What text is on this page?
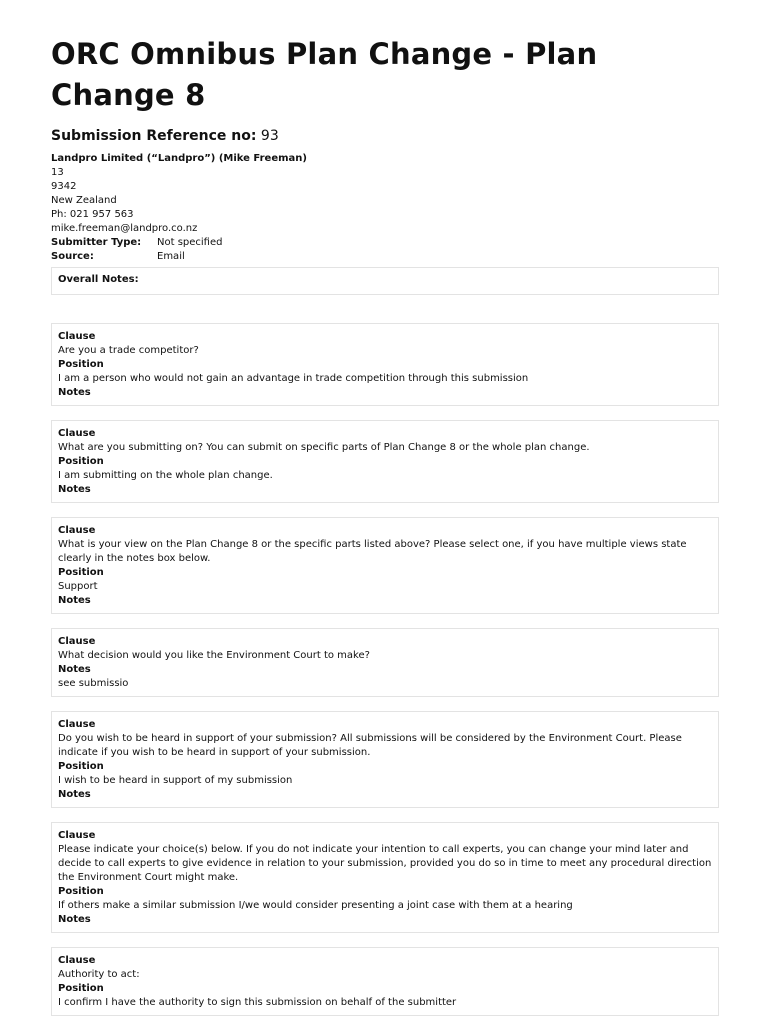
ORC Omnibus Plan Change - Plan Change 8
Submission Reference no: 93
Landpro Limited (“Landpro”) (Mike Freeman)
13
9342
New Zealand
Ph: 021 957 563
mike.freeman@landpro.co.nz
Submitter Type:	Not specified
Source:	Email
Overall Notes:
Clause
Are you a trade competitor?
Position
I am a person who would not gain an advantage in trade competition through this submission
Notes
Clause
What are you submitting on? You can submit on specific parts of Plan Change 8 or the whole plan change.
Position
I am submitting on the whole plan change.
Notes
Clause
What is your view on the Plan Change 8 or the specific parts listed above? Please select one, if you have multiple views state clearly in the notes box below.
Position
Support
Notes
Clause
What decision would you like the Environment Court to make?
Notes
see submissio
Clause
Do you wish to be heard in support of your submission? All submissions will be considered by the Environment Court. Please indicate if you wish to be heard in support of your submission.
Position
I wish to be heard in support of my submission
Notes
Clause
Please indicate your choice(s) below. If you do not indicate your intention to call experts, you can change your mind later and decide to call experts to give evidence in relation to your submission, provided you do so in time to meet any procedural direction the Environment Court might make.
Position
If others make a similar submission I/we would consider presenting a joint case with them at a hearing
Notes
Clause
Authority to act:
Position
I confirm I have the authority to sign this submission on behalf of the submitter
